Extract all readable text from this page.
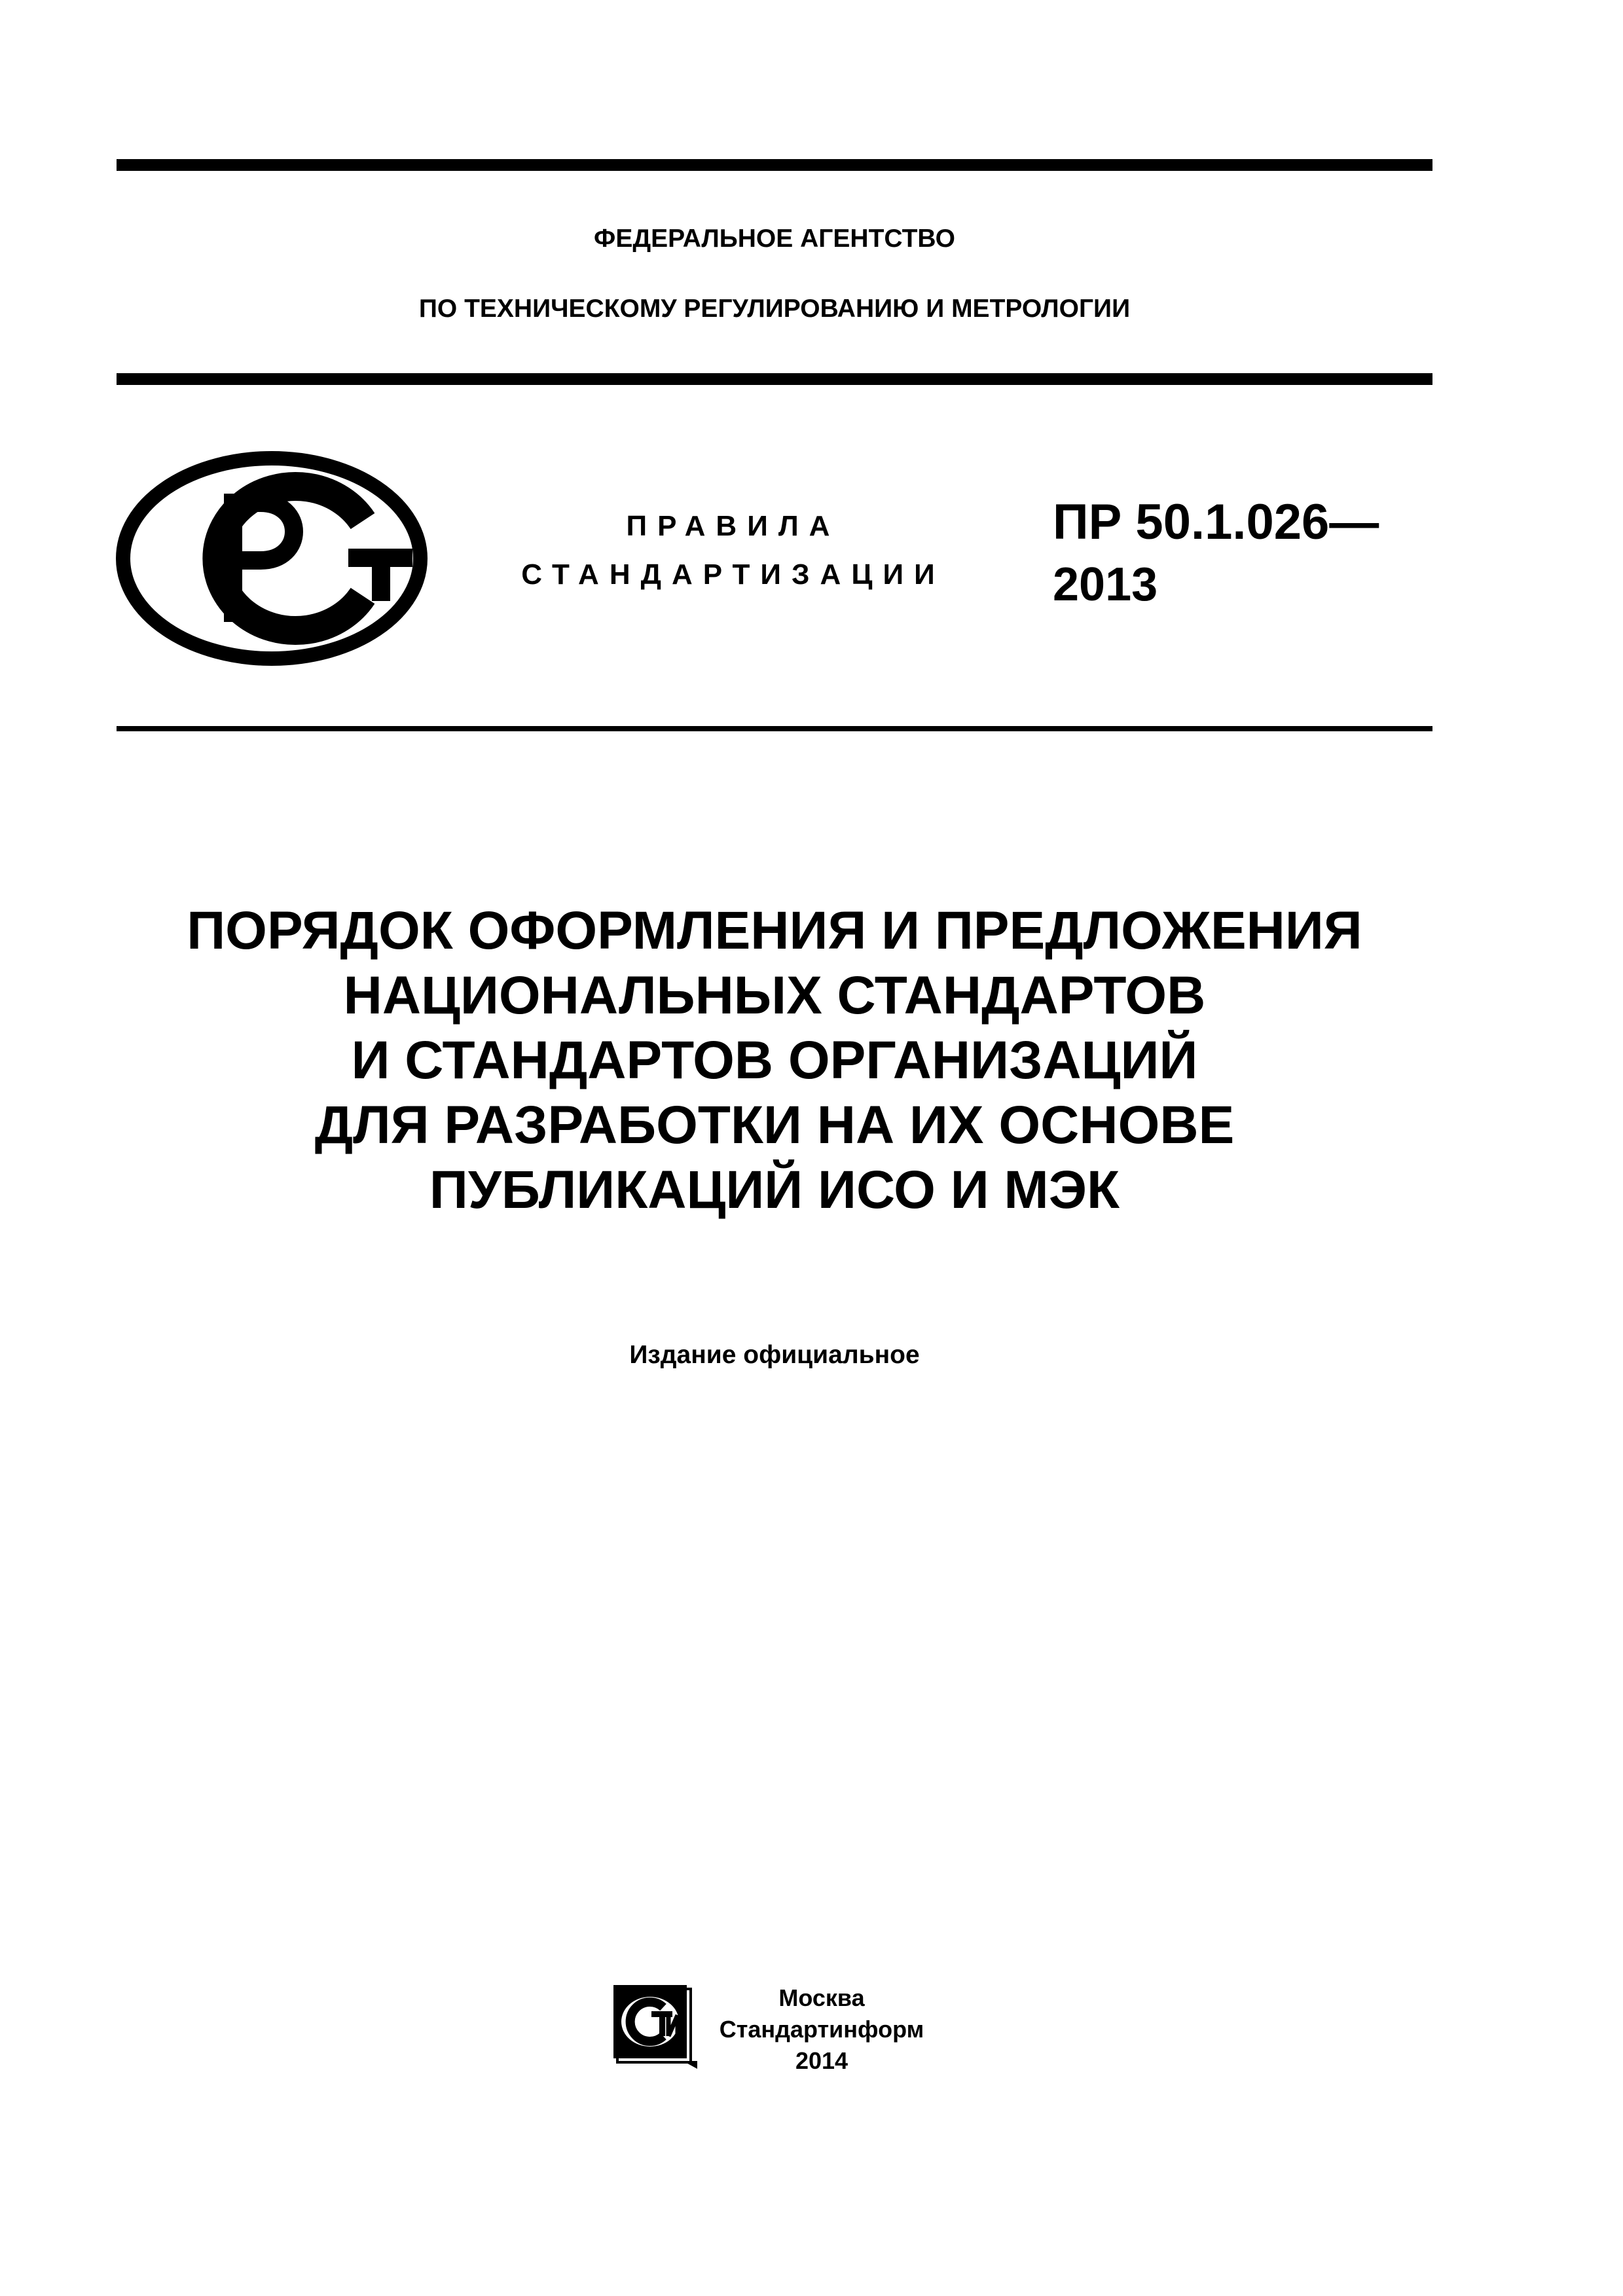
ФЕДЕРАЛЬНОЕ АГЕНТСТВО
ПО ТЕХНИЧЕСКОМУ РЕГУЛИРОВАНИЮ И МЕТРОЛОГИИ
ПРАВИЛА
СТАНДАРТИЗАЦИИ
ПР 50.1.026—
2013
ПОРЯДОК ОФОРМЛЕНИЯ И ПРЕДЛОЖЕНИЯ
НАЦИОНАЛЬНЫХ СТАНДАРТОВ
И СТАНДАРТОВ ОРГАНИЗАЦИЙ
ДЛЯ РАЗРАБОТКИ НА ИХ ОСНОВЕ
ПУБЛИКАЦИЙ ИСО И МЭК
Издание официальное
Москва
Стандартинформ
2014
